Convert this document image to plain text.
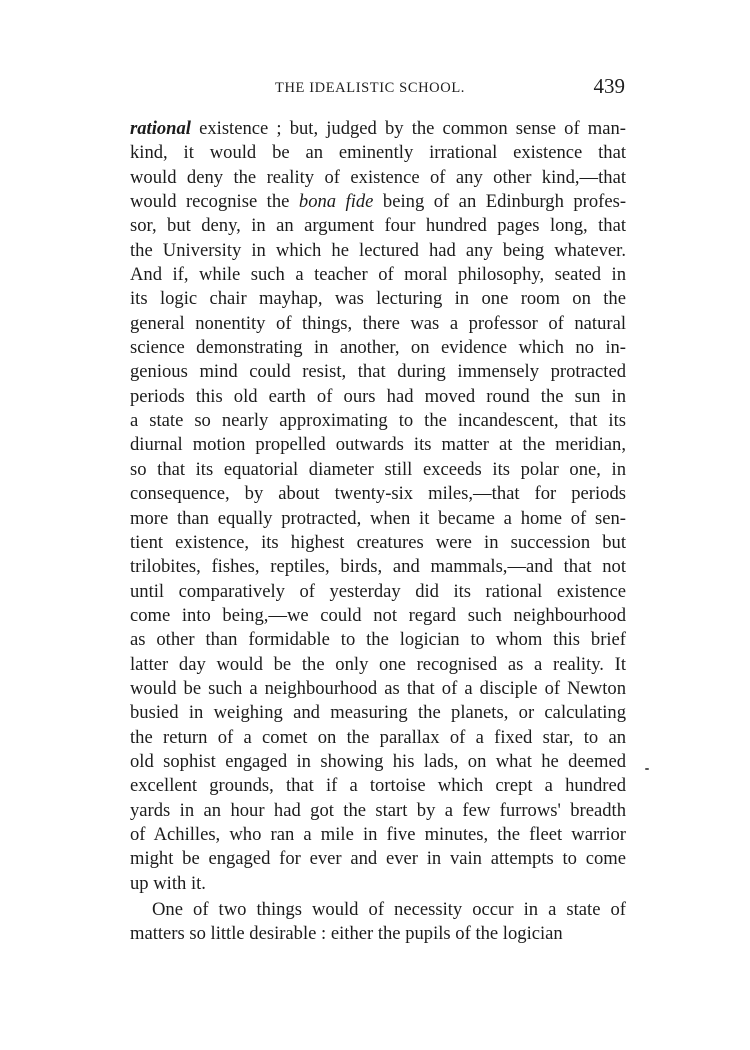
THE IDEALISTIC SCHOOL.	439
rational existence ; but, judged by the common sense of man-
kind, it would be an eminently irrational existence that
would deny the reality of existence of any other kind,—that
would recognise the bona fide being of an Edinburgh profes-
sor, but deny, in an argument four hundred pages long, that
the University in which he lectured had any being whatever.
And if, while such a teacher of moral philosophy, seated in
its logic chair mayhap, was lecturing in one room on the
general nonentity of things, there was a professor of natural
science demonstrating in another, on evidence which no in-
genious mind could resist, that during immensely protracted
periods this old earth of ours had moved round the sun in
a state so nearly approximating to the incandescent, that its
diurnal motion propelled outwards its matter at the meridian,
so that its equatorial diameter still exceeds its polar one, in
consequence, by about twenty-six miles,—that for periods
more than equally protracted, when it became a home of sen-
tient existence, its highest creatures were in succession but
trilobites, fishes, reptiles, birds, and mammals,—and that not
until comparatively of yesterday did its rational existence
come into being,—we could not regard such neighbourhood
as other than formidable to the logician to whom this brief
latter day would be the only one recognised as a reality. It
would be such a neighbourhood as that of a disciple of Newton
busied in weighing and measuring the planets, or calculating
the return of a comet on the parallax of a fixed star, to an
old sophist engaged in showing his lads, on what he deemed
excellent grounds, that if a tortoise which crept a hundred
yards in an hour had got the start by a few furrows' breadth
of Achilles, who ran a mile in five minutes, the fleet warrior
might be engaged for ever and ever in vain attempts to come
up with it.
One of two things would of necessity occur in a state of
matters so little desirable : either the pupils of the logician
